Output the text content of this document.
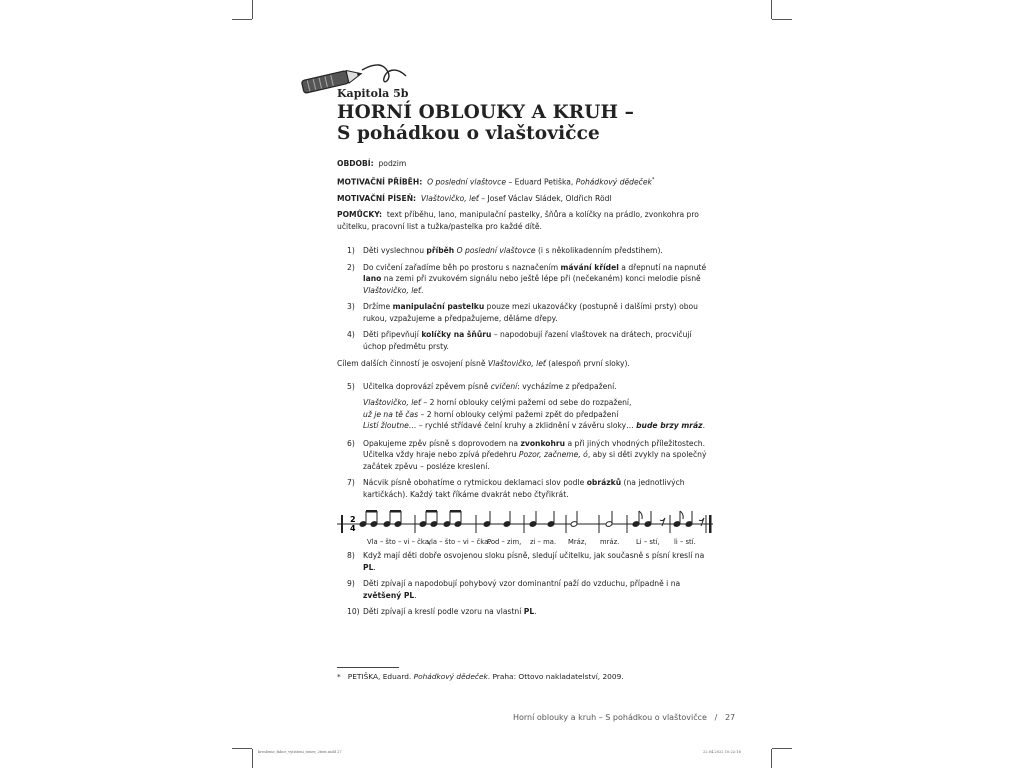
Kapitola 5b
HORNÍ OBLOUKY A KRUH –
S pohádkou o vlaštovičce
OBDOBÍ: podzim
MOTIVAČNÍ PŘÍBĚH: O poslední vlaštovce – Eduard Petiška, Pohádkový dědeček*
MOTIVAČNÍ PÍSEŇ: Vlaštovičko, leť – Josef Václav Sládek, Oldřich Rödl
POMŮCKY: text příběhu, lano, manipulační pastelky, šňůra a kolíčky na prádlo, zvonkohra pro učitelku, pracovní list a tužka/pastelka pro každé dítě.
1) Děti vyslechnou příběh O poslední vlaštovce (i s několikadenním předstihem).
2) Do cvičení zařadíme běh po prostoru s naznačením mávání křídel a dřepnutí na napnuté lano na zemi při zvukovém signálu nebo ještě lépe při (nečekaném) konci melodie písně Vlaštovičko, leť.
3) Držíme manipulační pastelku pouze mezi ukazováčky (postupně i dalšími prsty) obou rukou, vzpažujeme a předpažujeme, děláme dřepy.
4) Děti připevňují kolíčky na šňůru – napodobují řazení vlaštovek na drátech, procvičují úchop předmětu prsty.
Cílem dalších činností je osvojení písně Vlaštovičko, leť (alespoň první sloky).
5) Učitelka doprovází zpěvem písně cvičení: vycházíme z předpažení.
Vlaštovičko, leť – 2 horní oblouky celými pažemi od sebe do rozpažení,
už je na tě čas – 2 horní oblouky celými pažemi zpět do předpažení
Listí žloutne… – rychlé střídavé čelní kruhy a zklidnění v závěru sloky… bude brzy mráz.
6) Opakujeme zpěv písně s doprovodem na zvonkohru a při jiných vhodných příležitostech. Učitelka vždy hraje nebo zpívá předehru Pozor, začneme, ó, aby si děti zvykly na společný začátek zpěvu – posléze kreslení.
7) Nácvik písně obohatíme o rytmickou deklamaci slov podle obrázků (na jednotlivých kartičkách). Každý takt říkáme dvakrát nebo čtyřikrát.
2
4
Vla – što – vi – čka,
vla – što – vi – čka.
Pod – zim, zi – ma. Mráz, mráz. Li – stí, li – stí.
8) Když mají děti dobře osvojenou sloku písně, sledují učitelku, jak současně s písní kreslí na PL.
9) Děti zpívají a napodobují pohybový vzor dominantní paží do vzduchu, případně i na zvětšený PL.
10) Děti zpívají a kreslí podle vzoru na vlastní PL.
* PETIŠKA, Eduard. Pohádkový dědeček. Praha: Ottovo nakladatelství, 2009.
Horní oblouky a kruh – S pohádkou o vlaštovičce / 27
kresleme_fabce_vytisteni_tenee_2text.indd 27	22.04.2022 10:22:16
